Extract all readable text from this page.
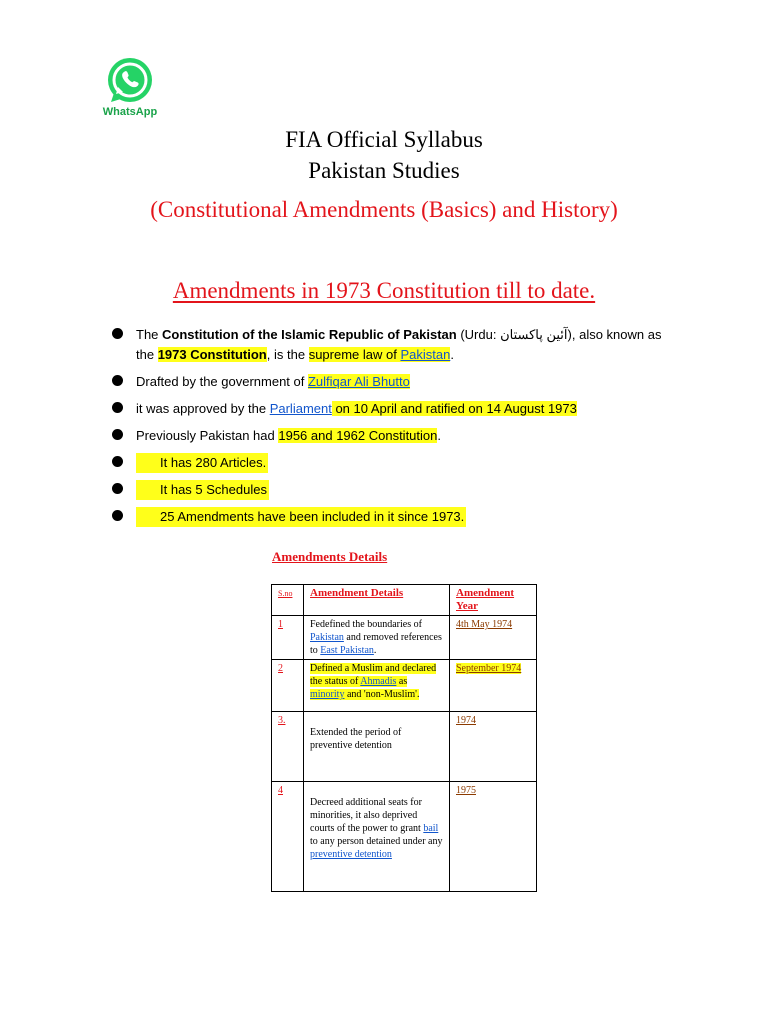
WhatsApp
FIA Official Syllabus
Pakistan Studies
(Constitutional Amendments (Basics) and History)
Amendments in 1973 Constitution till to date.
The Constitution of the Islamic Republic of Pakistan (Urdu: آئین پاکستان), also known as the 1973 Constitution, is the supreme law of Pakistan.
Drafted by the government of Zulfiqar Ali Bhutto
it was approved by the Parliament on 10 April and ratified on 14 August 1973
Previously Pakistan had 1956 and 1962 Constitution.
It has 280 Articles.
It has 5 Schedules
25 Amendments have been included in it since 1973.
Amendments Details
S.no	Amendment Details	Amendment
Year
1	Fedefined the boundaries of Pakistan and removed references to East Pakistan.	4th May 1974
2	Defined a Muslim and declared the status of Ahmadis as minority and 'non-Muslim'.	September 1974
3.	Extended the period of preventive detention	1974
4	Decreed additional seats for minorities, it also deprived courts of the power to grant bail to any person detained under any preventive detention	1975
